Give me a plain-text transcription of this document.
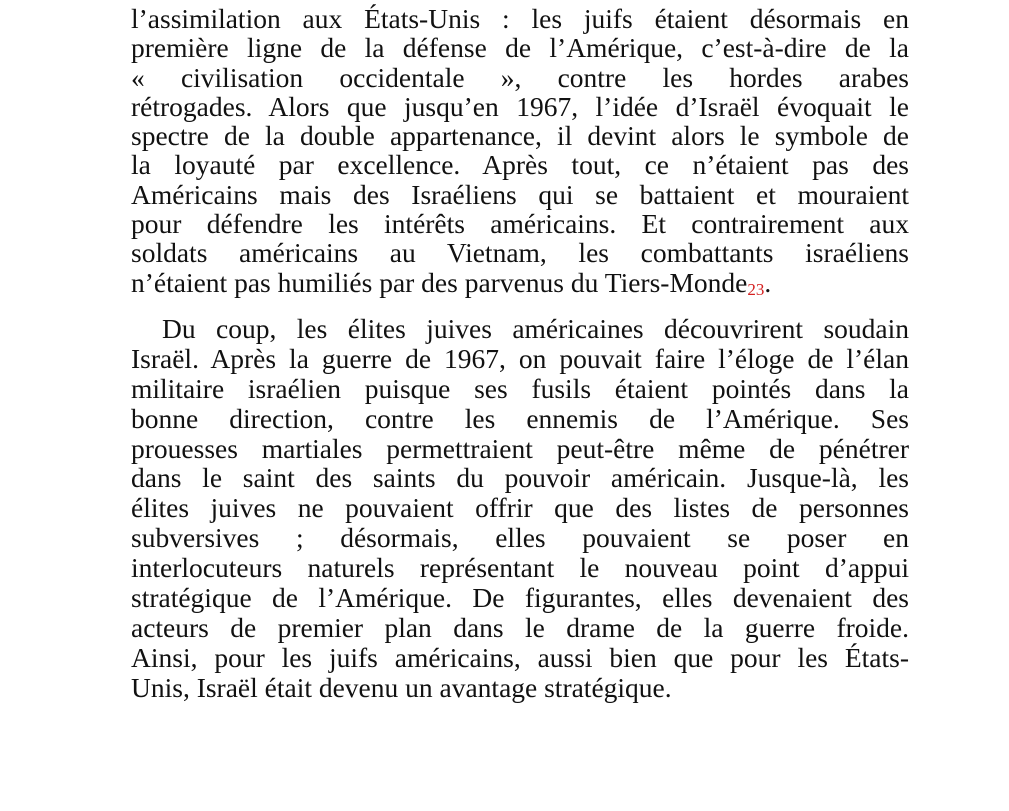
l’assimilation aux États-Unis : les juifs étaient désormais en
première ligne de la défense de l’Amérique, c’est-à-dire de la
« civilisation occidentale », contre les hordes arabes
rétrogades. Alors que jusqu’en 1967, l’idée d’Israël évoquait le
spectre de la double appartenance, il devint alors le symbole de
la loyauté par excellence. Après tout, ce n’étaient pas des
Américains mais des Israéliens qui se battaient et mouraient
pour défendre les intérêts américains. Et contrairement aux
soldats américains au Vietnam, les combattants israéliens
n’étaient pas humiliés par des parvenus du Tiers-Monde23.
Du coup, les élites juives américaines découvrirent soudain
Israël. Après la guerre de 1967, on pouvait faire l’éloge de l’élan
militaire israélien puisque ses fusils étaient pointés dans la
bonne direction, contre les ennemis de l’Amérique. Ses
prouesses martiales permettraient peut-être même de pénétrer
dans le saint des saints du pouvoir américain. Jusque-là, les
élites juives ne pouvaient offrir que des listes de personnes
subversives ; désormais, elles pouvaient se poser en
interlocuteurs naturels représentant le nouveau point d’appui
stratégique de l’Amérique. De figurantes, elles devenaient des
acteurs de premier plan dans le drame de la guerre froide.
Ainsi, pour les juifs américains, aussi bien que pour les États-
Unis, Israël était devenu un avantage stratégique.
